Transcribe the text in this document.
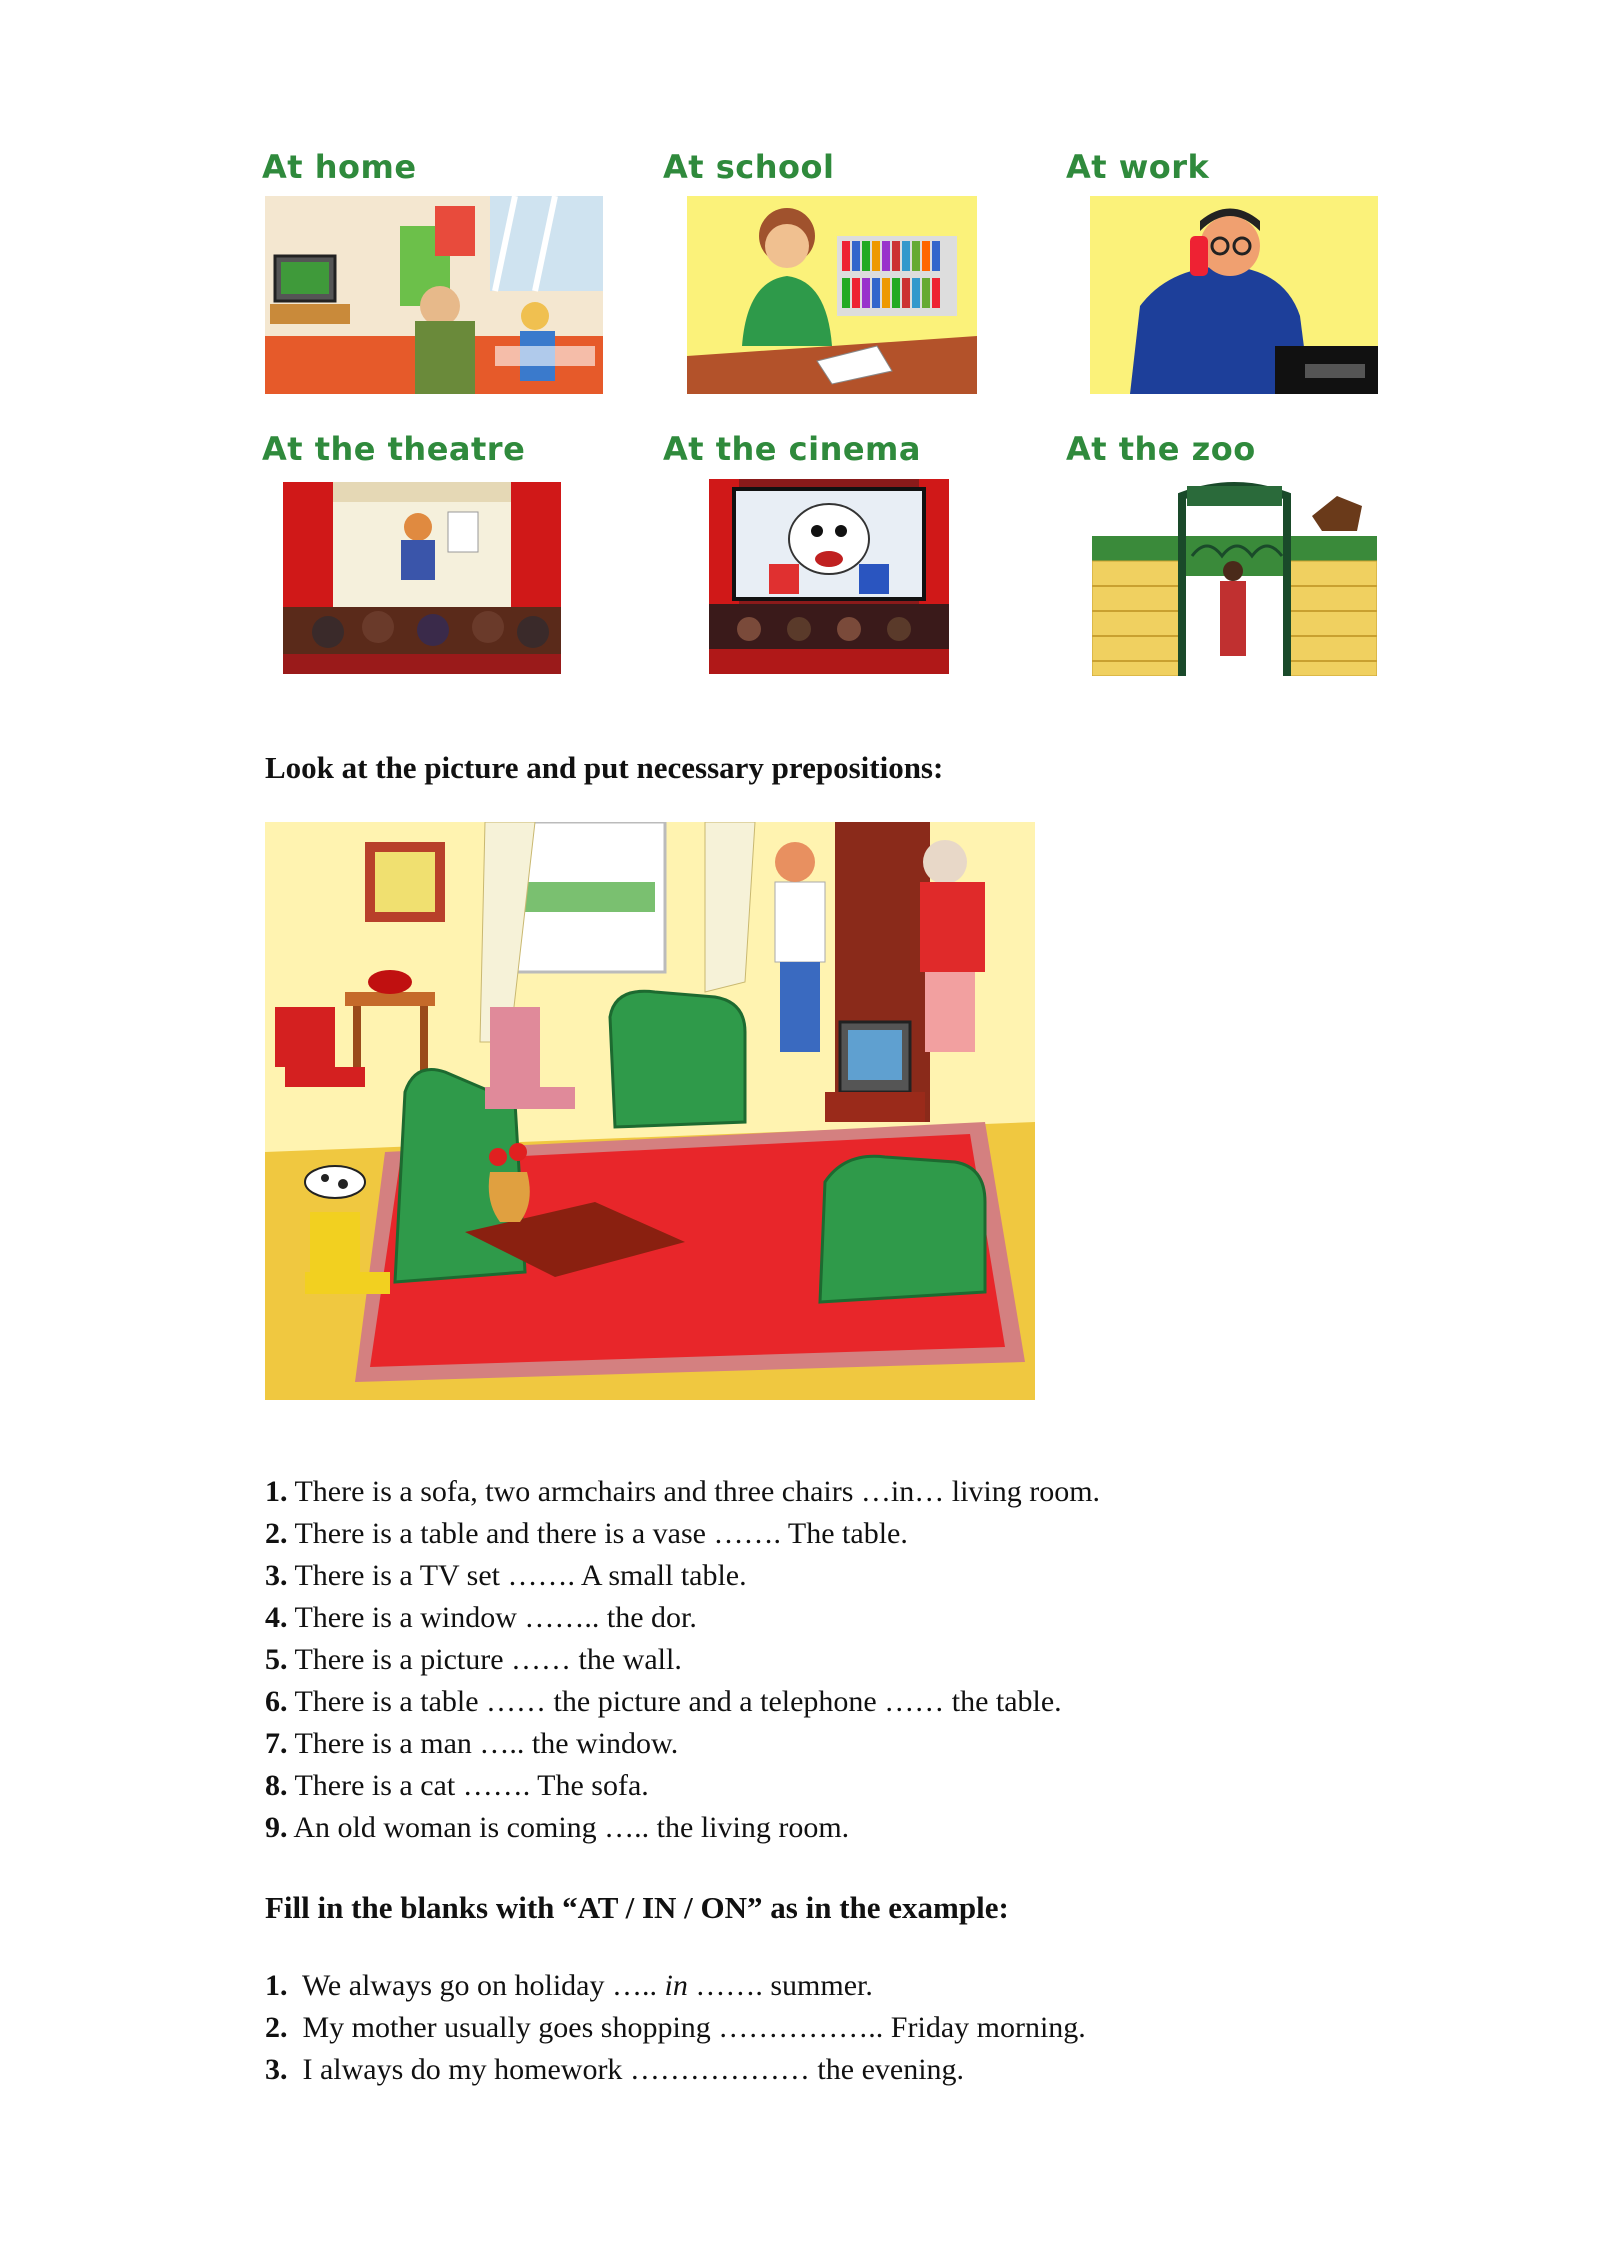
At home	At school	At work
At the theatre	At the cinema	At the zoo
Look at the picture and put necessary prepositions:
1. There is a sofa, two armchairs and three chairs …in… living room.
2. There is a table and there is a vase ……. The table.
3. There is a TV set ……. A small table.
4. There is a window …….. the dor.
5. There is a picture …… the wall.
6. There is a table …… the picture and a telephone …… the table.
7. There is a man ….. the window.
8. There is a cat ……. The sofa.
9. An old woman is coming ….. the living room.
Fill in the blanks with “AT / IN / ON” as in the example:
1. We always go on holiday ….. in ……. summer.
2. My mother usually goes shopping …………….. Friday morning.
3. I always do my homework ……………… the evening.
